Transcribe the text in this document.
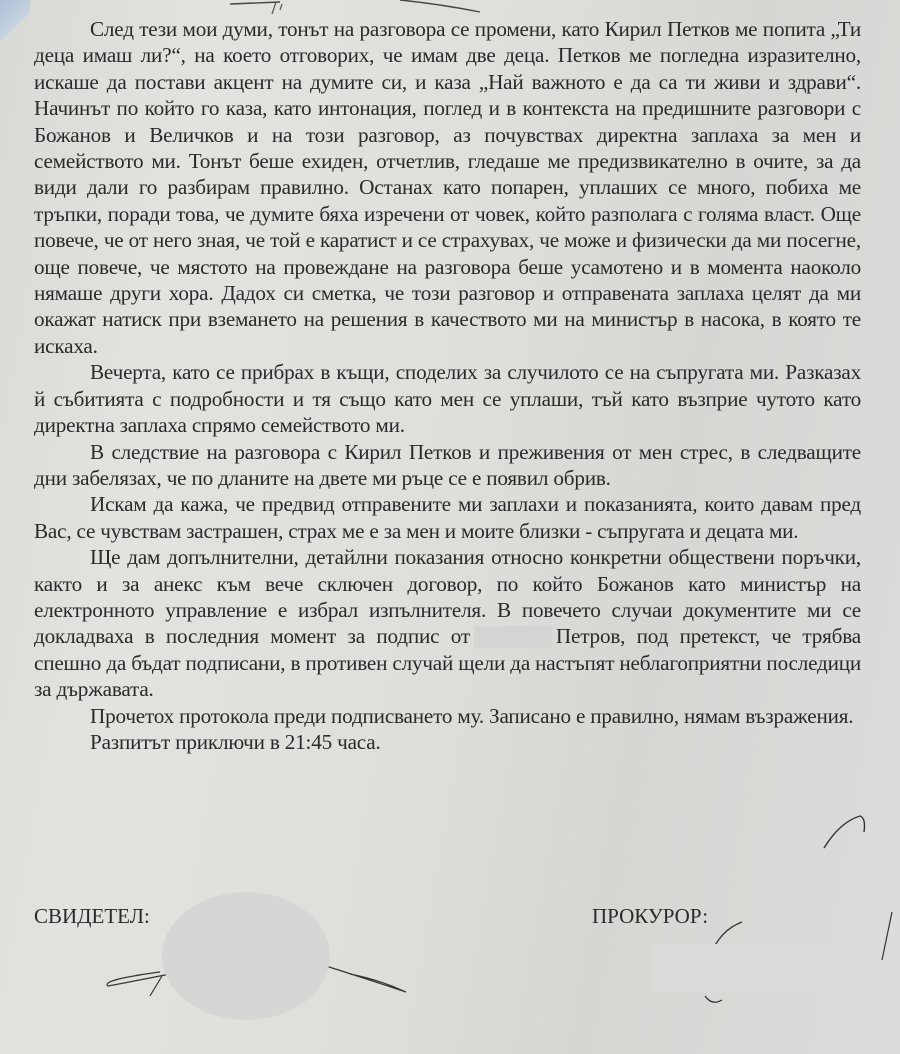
След тези мои думи, тонът на разговора се промени, като Кирил Петков ме попита „Ти деца имаш ли?“, на което отговорих, че имам две деца. Петков ме погледна изразително, искаше да постави акцент на думите си, и каза „Най важното е да са ти живи и здрави“. Начинът по който го каза, като интонация, поглед и в контекста на предишните разговори с Божанов и Величков и на този разговор, аз почувствах директна заплаха за мен и семейството ми. Тонът беше ехиден, отчетлив, гледаше ме предизвикателно в очите, за да види дали го разбирам правилно. Останах като попарен, уплаших се много, побиха ме тръпки, поради това, че думите бяха изречени от човек, който разполага с голяма власт. Още повече, че от него зная, че той е каратист и се страхувах, че може и физически да ми посегне, още повече, че мястото на провеждане на разговора беше усамотено и в момента наоколо нямаше други хора. Дадох си сметка, че този разговор и отправената заплаха целят да ми окажат натиск при вземането на решения в качеството ми на министър в насока, в която те искаха.

Вечерта, като се прибрах в къщи, споделих за случилото се на съпругата ми. Разказах й събитията с подробности и тя също като мен се уплаши, тъй като възприе чутото като директна заплаха спрямо семейството ми.

В следствие на разговора с Кирил Петков и преживения от мен стрес, в следващите дни забелязах, че по дланите на двете ми ръце се е появил обрив.

Искам да кажа, че предвид отправените ми заплахи и показанията, които давам пред Вас, се чувствам застрашен, страх ме е за мен и моите близки - съпругата и децата ми.

Ще дам допълнителни, детайлни показания относно конкретни обществени поръчки, както и за анекс към вече сключен договор, по който Божанов като министър на електронното управление е избрал изпълнителя. В повечето случаи документите ми се докладваха в последния момент за подпис от	Петров, под претекст, че трябва спешно да бъдат подписани, в противен случай щели да настъпят неблагоприятни последици за държавата.

Прочетох протокола преди подписването му. Записано е правилно, нямам възражения.

Разпитът приключи в 21:45 часа.

СВИДЕТЕЛ:	ПРОКУРОР:
